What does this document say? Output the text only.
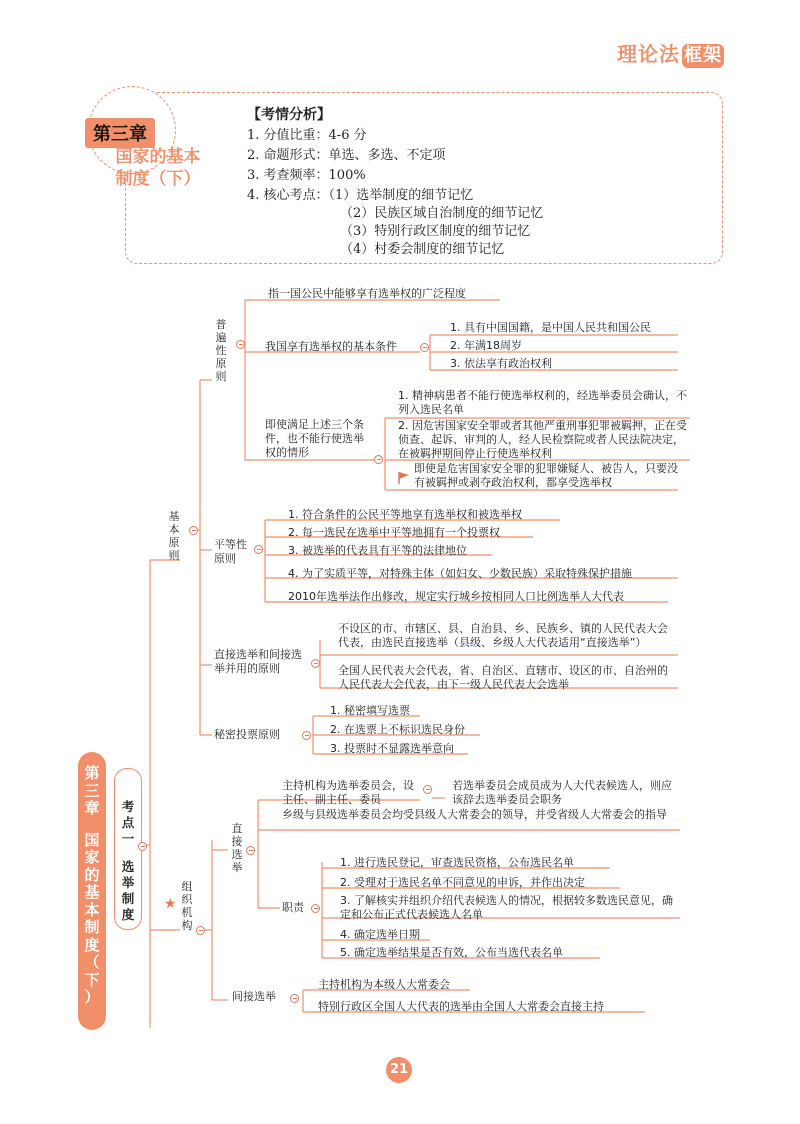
理论法 框架
第三章
国家的基本
制度（下）
【考情分析】
1. 分值比重：4-6 分
2. 命题形式：单选、多选、不定项
3. 考查频率：100%
4. 核心考点：（1）选举制度的细节记忆
（2）民族区域自治制度的细节记忆
（3）特别行政区制度的细节记忆
（4）村委会制度的细节记忆
第
三
章
国
家
的
基
本
制
度
（
下
）
考
点
一
选
举
制
度
基本原则
普遍性原则
指一国公民中能够享有选举权的广泛程度
我国享有选举权的基本条件
1. 具有中国国籍，是中国人民共和国公民
2. 年满18周岁
3. 依法享有政治权利
即使满足上述三个条件，也不能行使选举权的情形
1. 精神病患者不能行使选举权利的，经选举委员会确认，不列入选民名单
2. 因危害国家安全罪或者其他严重刑事犯罪被羁押，正在受侦查、起诉、审判的人，经人民检察院或者人民法院决定，在被羁押期间停止行使选举权利
即使是危害国家安全罪的犯罪嫌疑人、被告人，只要没有被羁押或剥夺政治权利，都享受选举权
平等性原则
1. 符合条件的公民平等地享有选举权和被选举权
2. 每一选民在选举中平等地拥有一个投票权
3. 被选举的代表具有平等的法律地位
4. 为了实质平等，对特殊主体（如妇女、少数民族）采取特殊保护措施
2010年选举法作出修改，规定实行城乡按相同人口比例选举人大代表
直接选举和间接选举并用的原则
不设区的市、市辖区、县、自治县、乡、民族乡、镇的人民代表大会代表，由选民直接选举（县级、乡级人大代表适用“直接选举”）
全国人民代表大会代表，省、自治区、直辖市、设区的市、自治州的人民代表大会代表，由下一级人民代表大会选举
秘密投票原则
1. 秘密填写选票
2. 在选票上不标识选民身份
3. 投票时不显露选举意向
★
组织机构
直接选举
主持机构为选举委员会，设主任、副主任、委员
若选举委员会成员成为人大代表候选人，则应该辞去选举委员会职务
乡级与县级选举委员会均受县级人大常委会的领导，并受省级人大常委会的指导
职责
1. 进行选民登记，审查选民资格，公布选民名单
2. 受理对于选民名单不同意见的申诉，并作出决定
3. 了解核实并组织介绍代表候选人的情况，根据较多数选民意见，确定和公布正式代表候选人名单
4. 确定选举日期
5. 确定选举结果是否有效，公布当选代表名单
间接选举
主持机构为本级人大常委会
特别行政区全国人大代表的选举由全国人大常委会直接主持
21
